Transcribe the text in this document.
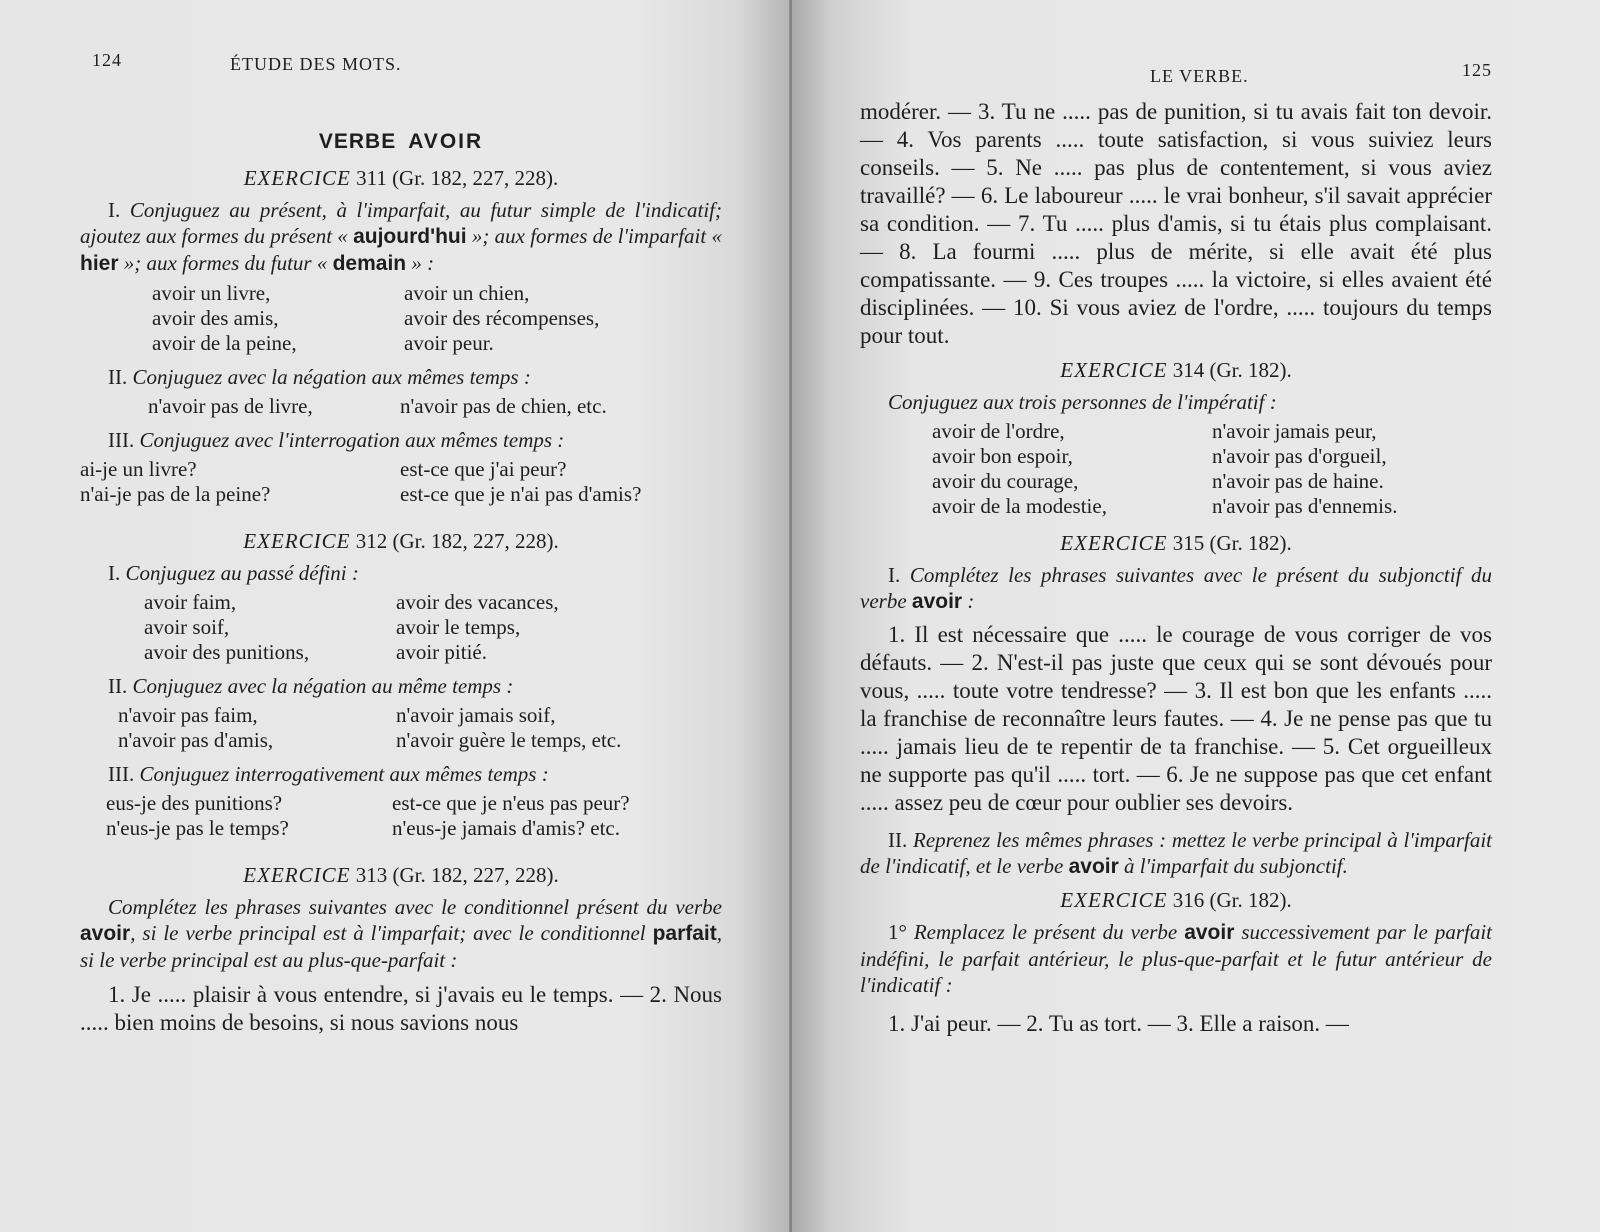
124	ÉTUDE DES MOTS.
VERBE AVOIR
EXERCICE 311 (Gr. 182, 227, 228).

I. Conjuguez au présent, à l'imparfait, au futur simple de l'indicatif; ajoutez aux formes du présent « aujourd'hui »; aux formes de l'imparfait « hier »; aux formes du futur « demain » :

avoir un livre,	avoir un chien,
avoir des amis,	avoir des récompenses,
avoir de la peine,	avoir peur.

II. Conjuguez avec la négation aux mêmes temps :

n'avoir pas de livre,	n'avoir pas de chien, etc.

III. Conjuguez avec l'interrogation aux mêmes temps :

ai-je un livre?	est-ce que j'ai peur?
n'ai-je pas de la peine?	est-ce que je n'ai pas d'amis?
EXERCICE 312 (Gr. 182, 227, 228).

I. Conjuguez au passé défini :

avoir faim,	avoir des vacances,
avoir soif,	avoir le temps,
avoir des punitions,	avoir pitié.

II. Conjuguez avec la négation au même temps :

n'avoir pas faim,	n'avoir jamais soif,
n'avoir pas d'amis,	n'avoir guère le temps, etc.

III. Conjuguez interrogativement aux mêmes temps :

eus-je des punitions?	est-ce que je n'eus pas peur?
n'eus-je pas le temps?	n'eus-je jamais d'amis? etc.
EXERCICE 313 (Gr. 182, 227, 228).

Complétez les phrases suivantes avec le conditionnel présent du verbe avoir, si le verbe principal est à l'imparfait; avec le conditionnel parfait, si le verbe principal est au plus-que-parfait :

1. Je ..... plaisir à vous entendre, si j'avais eu le temps. — 2. Nous ..... bien moins de besoins, si nous savions nous

LE VERBE.	125

modérer. — 3. Tu ne ..... pas de punition, si tu avais fait ton devoir. — 4. Vos parents ..... toute satisfaction, si vous suiviez leurs conseils. — 5. Ne ..... pas plus de contentement, si vous aviez travaillé? — 6. Le laboureur ..... le vrai bonheur, s'il savait apprécier sa condition. — 7. Tu ..... plus d'amis, si tu étais plus complaisant. — 8. La fourmi ..... plus de mérite, si elle avait été plus compatissante. — 9. Ces troupes ..... la victoire, si elles avaient été disciplinées. — 10. Si vous aviez de l'ordre, ..... toujours du temps pour tout.

EXERCICE 314 (Gr. 182).

Conjuguez aux trois personnes de l'impératif :

avoir de l'ordre,	n'avoir jamais peur,
avoir bon espoir,	n'avoir pas d'orgueil,
avoir du courage,	n'avoir pas de haine.
avoir de la modestie,	n'avoir pas d'ennemis.
EXERCICE 315 (Gr. 182).

I. Complétez les phrases suivantes avec le présent du subjonctif du verbe avoir :

1. Il est nécessaire que ..... le courage de vous corriger de vos défauts. — 2. N'est-il pas juste que ceux qui se sont dévoués pour vous, ..... toute votre tendresse? — 3. Il est bon que les enfants ..... la franchise de reconnaître leurs fautes. — 4. Je ne pense pas que tu ..... jamais lieu de te repentir de ta franchise. — 5. Cet orgueilleux ne supporte pas qu'il ..... tort. — 6. Je ne suppose pas que cet enfant ..... assez peu de cœur pour oublier ses devoirs.

II. Reprenez les mêmes phrases : mettez le verbe principal à l'imparfait de l'indicatif, et le verbe avoir à l'imparfait du subjonctif.

EXERCICE 316 (Gr. 182).

1° Remplacez le présent du verbe avoir successivement par le parfait indéfini, le parfait antérieur, le plus-que-parfait et le futur antérieur de l'indicatif :

1. J'ai peur. — 2. Tu as tort. — 3. Elle a raison. —
